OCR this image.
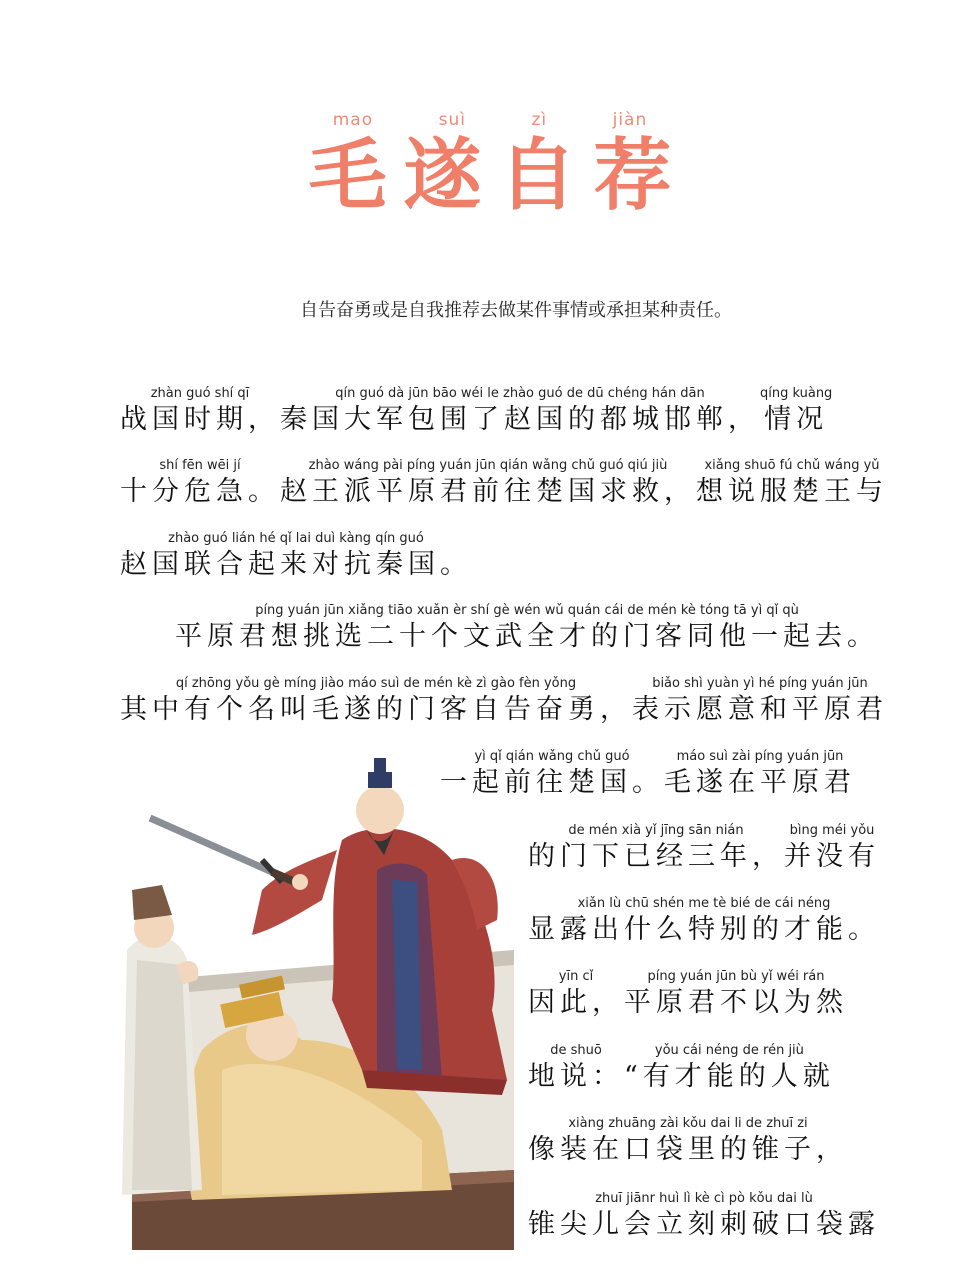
mao	suì	zì	jiàn
毛 遂 自 荐
自告奋勇或是自我推荐去做某件事情或承担某种责任。
zhàn guó shí qī
战国时期，
qín guó dà jūn bāo wéi le zhào guó de dū chéng hán dān
秦国大军包围了赵国的都城邯郸，
qíng kuàng
情况
shí fēn wēi jí
十分危急。
zhào wáng pài píng yuán jūn qián wǎng chǔ guó qiú jiù
赵王派平原君前往楚国求救，
xiǎng shuō fú chǔ wáng yǔ
想说服楚王与
zhào guó lián hé qǐ lai duì kàng qín guó
赵国联合起来对抗秦国。
píng yuán jūn xiǎng tiāo xuǎn èr shí gè wén wǔ quán cái de mén kè tóng tā yì qǐ qù
平原君想挑选二十个文武全才的门客同他一起去。
qí zhōng yǒu gè míng jiào máo suì de mén kè zì gào fèn yǒng
其中有个名叫毛遂的门客自告奋勇，
biǎo shì yuàn yì hé píng yuán jūn
表示愿意和平原君
yì qǐ qián wǎng chǔ guó
一起前往楚国。
máo suì zài píng yuán jūn
毛遂在平原君
de mén xià yǐ jīng sān nián
的门下已经三年，
bìng méi yǒu
并没有
xiǎn lù chū shén me tè bié de cái néng
显露出什么特别的才能。
yīn cǐ
因此，
píng yuán jūn bù yǐ wéi rán
平原君不以为然
de shuō
地说：
yǒu cái néng de rén jiù
“有才能的人就
xiàng zhuāng zài kǒu dai li de zhuī zi
像装在口袋里的锥子，
zhuī jiānr huì lì kè cì pò kǒu dai lù
锥尖儿会立刻刺破口袋露
